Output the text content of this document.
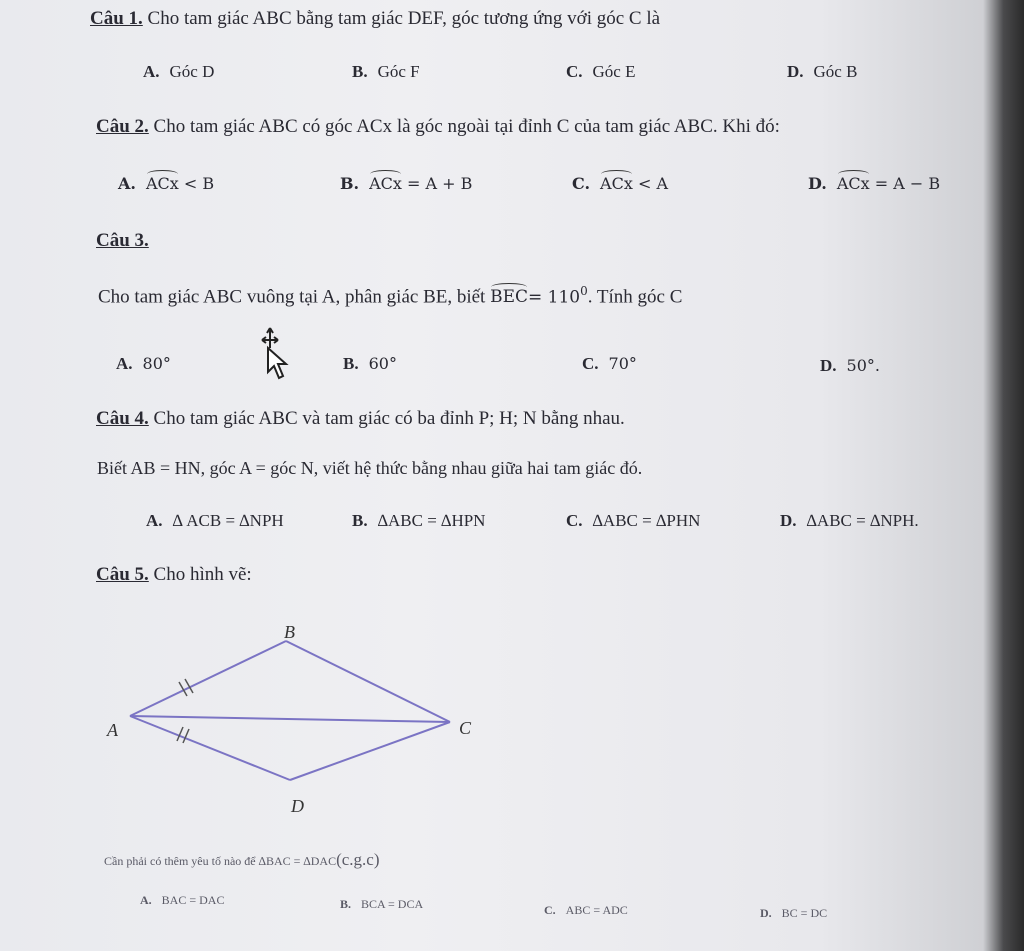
Câu 1. Cho tam giác ABC bằng tam giác DEF, góc tương ứng với góc C là
A. Góc D	B. Góc F	C. Góc E	D. Góc B
Câu 2. Cho tam giác ABC có góc ACx là góc ngoài tại đỉnh C của tam giác ABC. Khi đó:
A. ACx < B	B. ACx = A + B	C. ACx < A	D. ACx = A − B
Câu 3.
Cho tam giác ABC vuông tại A, phân giác BE, biết $BEC= 110^0$. Tính góc C
A. 80°	B. 60°	C. 70°	D. 50°.
Câu 4. Cho tam giác ABC và tam giác có ba đỉnh P; H; N bằng nhau.
Biết AB = HN, góc A = góc N, viết hệ thức bằng nhau giữa hai tam giác đó.
A. ∆ ACB = ∆NPH	B. ∆ABC = ∆HPN	C. ∆ABC = ∆PHN	D. ∆ABC = ∆NPH.
Câu 5. Cho hình vẽ:
B
A	C
D
Cần phải có thêm yêu tố nào để ∆BAC = ∆DAC(c.g.c)
A. BAC = DAC	B. BCA = DCA	C. ABC = ADC	D. BC = DC
